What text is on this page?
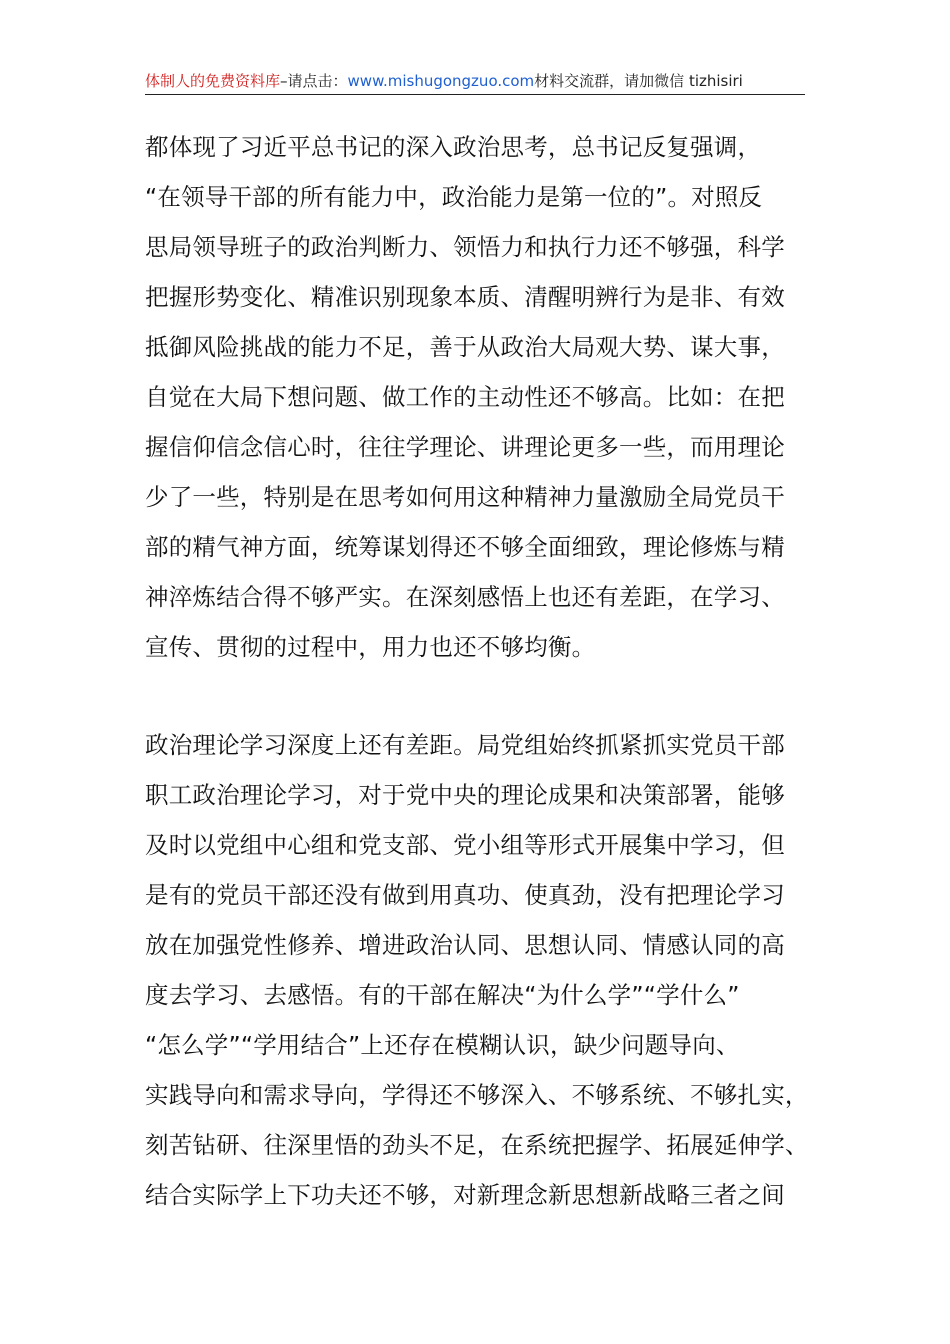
体制人的免费资料库–请点击：www.mishugongzuo.com材料交流群，请加微信 tizhisiri
都体现了习近平总书记的深入政治思考，总书记反复强调，
“在领导干部的所有能力中，政治能力是第一位的”。对照反
思局领导班子的政治判断力、领悟力和执行力还不够强，科学
把握形势变化、精准识别现象本质、清醒明辨行为是非、有效
抵御风险挑战的能力不足，善于从政治大局观大势、谋大事，
自觉在大局下想问题、做工作的主动性还不够高。比如：在把
握信仰信念信心时，往往学理论、讲理论更多一些，而用理论
少了一些，特别是在思考如何用这种精神力量激励全局党员干
部的精气神方面，统筹谋划得还不够全面细致，理论修炼与精
神淬炼结合得不够严实。在深刻感悟上也还有差距，在学习、
宣传、贯彻的过程中，用力也还不够均衡。
政治理论学习深度上还有差距。局党组始终抓紧抓实党员干部
职工政治理论学习，对于党中央的理论成果和决策部署，能够
及时以党组中心组和党支部、党小组等形式开展集中学习，但
是有的党员干部还没有做到用真功、使真劲，没有把理论学习
放在加强党性修养、增进政治认同、思想认同、情感认同的高
度去学习、去感悟。有的干部在解决“为什么学”“学什么”
“怎么学”“学用结合”上还存在模糊认识，缺少问题导向、
实践导向和需求导向，学得还不够深入、不够系统、不够扎实，
刻苦钻研、往深里悟的劲头不足，在系统把握学、拓展延伸学、
结合实际学上下功夫还不够，对新理念新思想新战略三者之间
